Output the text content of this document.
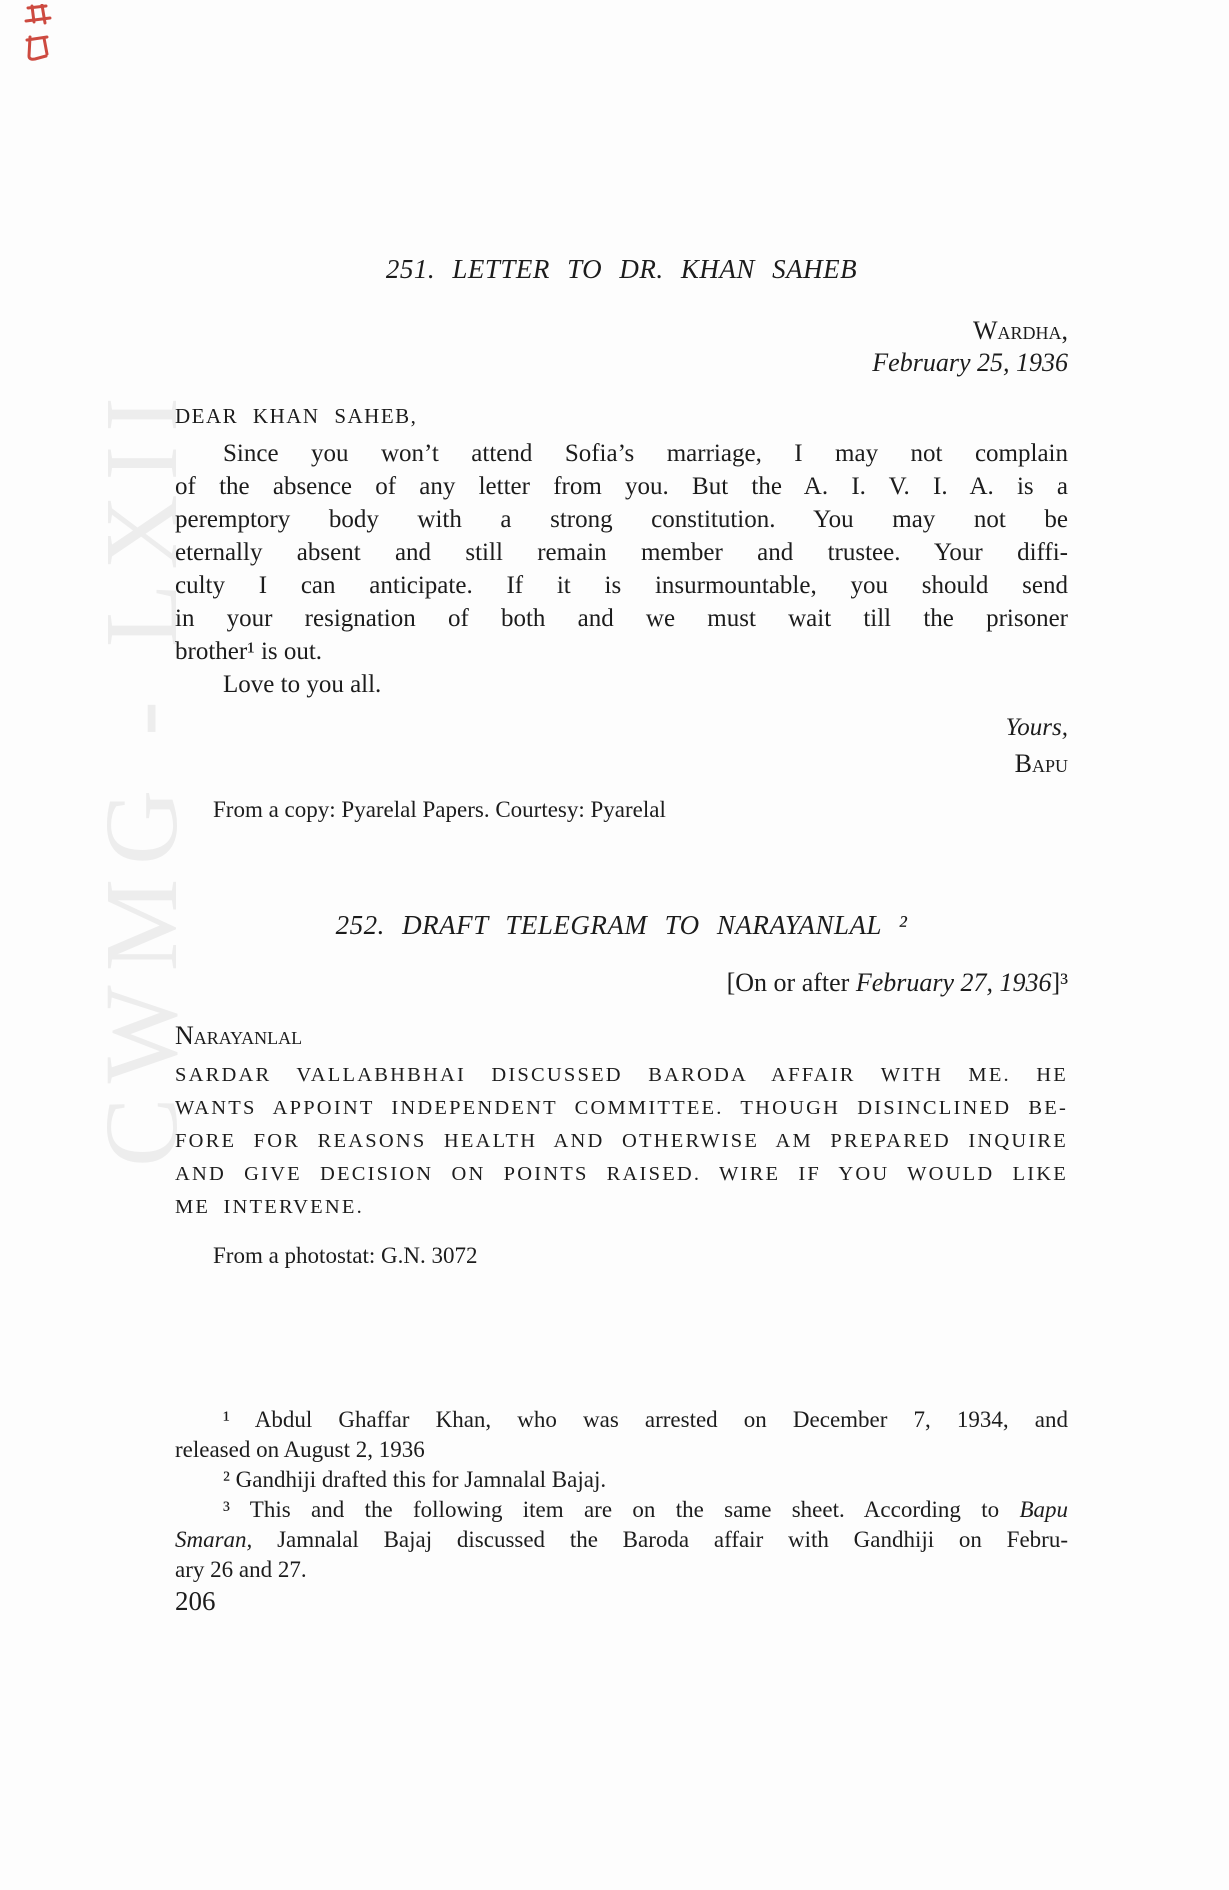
CWMG - LXII
251. LETTER TO DR. KHAN SAHEB
Wardha,
February 25, 1936
DEAR KHAN SAHEB,
Since you won’t attend Sofia’s marriage, I may not complain
of the absence of any letter from you. But the A. I. V. I. A. is a
peremptory body with a strong constitution. You may not be
eternally absent and still remain member and trustee. Your diffi-
culty I can anticipate. If it is insurmountable, you should send
in your resignation of both and we must wait till the prisoner
brother¹ is out.
Love to you all.
Yours,
Bapu
From a copy: Pyarelal Papers. Courtesy: Pyarelal
252. DRAFT TELEGRAM TO NARAYANLAL ²
[On or after February 27, 1936]³
Narayanlal
SARDAR VALLABHBHAI DISCUSSED BARODA AFFAIR WITH ME. HE
WANTS APPOINT INDEPENDENT COMMITTEE. THOUGH DISINCLINED BE-
FORE FOR REASONS HEALTH AND OTHERWISE AM PREPARED INQUIRE
AND GIVE DECISION ON POINTS RAISED. WIRE IF YOU WOULD LIKE
ME INTERVENE.
From a photostat: G.N. 3072
¹ Abdul Ghaffar Khan, who was arrested on December 7, 1934, and
released on August 2, 1936
² Gandhiji drafted this for Jamnalal Bajaj.
³ This and the following item are on the same sheet. According to Bapu
Smaran, Jamnalal Bajaj discussed the Baroda affair with Gandhiji on Febru-
ary 26 and 27.
206
